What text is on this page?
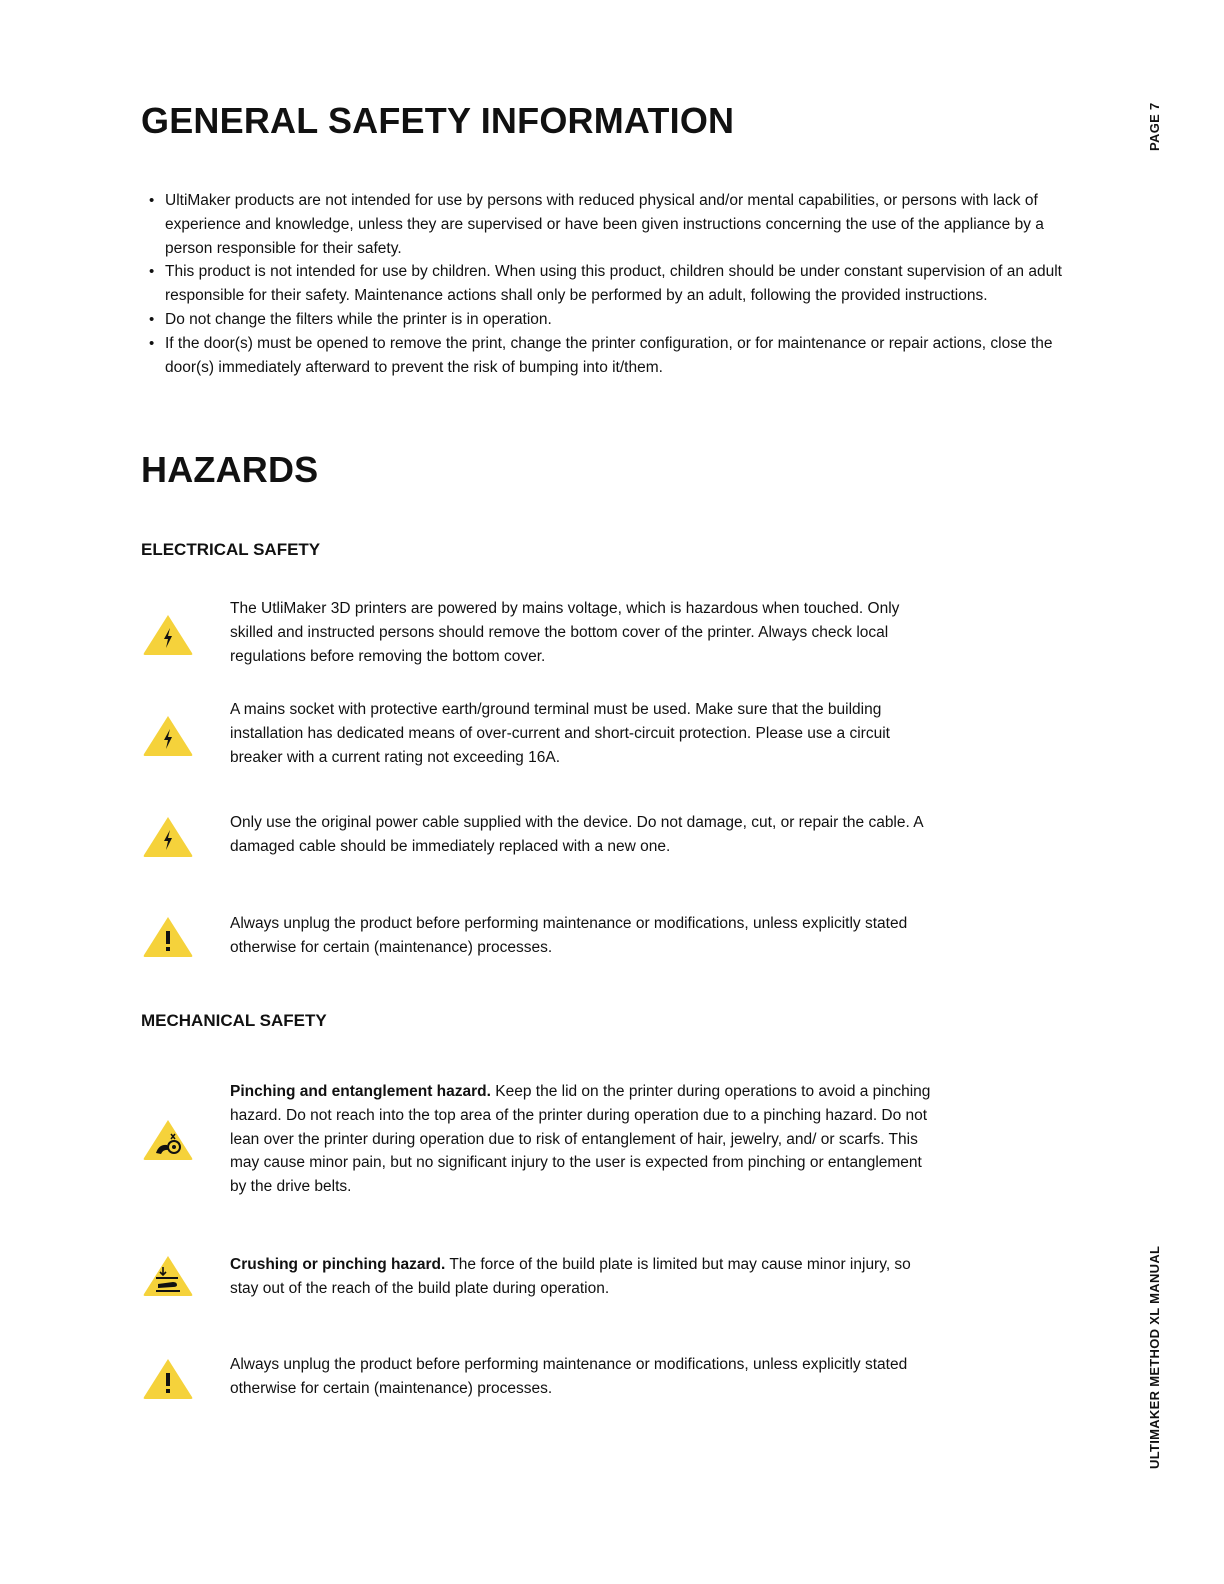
GENERAL SAFETY INFORMATION
• UltiMaker products are not intended for use by persons with reduced physical and/or mental capabilities, or persons with lack of experience and knowledge, unless they are supervised or have been given instructions concerning the use of the appliance by a person responsible for their safety.
• This product is not intended for use by children. When using this product, children should be under constant supervision of an adult responsible for their safety. Maintenance actions shall only be performed by an adult, following the provided instructions.
• Do not change the filters while the printer is in operation.
• If the door(s) must be opened to remove the print, change the printer configuration, or for maintenance or repair actions, close the door(s) immediately afterward to prevent the risk of bumping into it/them.
HAZARDS
ELECTRICAL SAFETY
The UtliMaker 3D printers are powered by mains voltage, which is hazardous when touched. Only skilled and instructed persons should remove the bottom cover of the printer. Always check local regulations before removing the bottom cover.
A mains socket with protective earth/ground terminal must be used. Make sure that the building installation has dedicated means of over-current and short-circuit protection. Please use a circuit breaker with a current rating not exceeding 16A.
Only use the original power cable supplied with the device. Do not damage, cut, or repair the cable. A damaged cable should be immediately replaced with a new one.
Always unplug the product before performing maintenance or modifications, unless explicitly stated otherwise for certain (maintenance) processes.
MECHANICAL SAFETY
Pinching and entanglement hazard. Keep the lid on the printer during operations to avoid a pinching hazard. Do not reach into the top area of the printer during operation due to a pinching hazard. Do not lean over the printer during operation due to risk of entanglement of hair, jewelry, and/ or scarfs. This may cause minor pain, but no significant injury to the user is expected from pinching or entanglement by the drive belts.
Crushing or pinching hazard. The force of the build plate is limited but may cause minor injury, so stay out of the reach of the build plate during operation.
Always unplug the product before performing maintenance or modifications, unless explicitly stated otherwise for certain (maintenance) processes.
PAGE 7
ULTIMAKER METHOD XL MANUAL
